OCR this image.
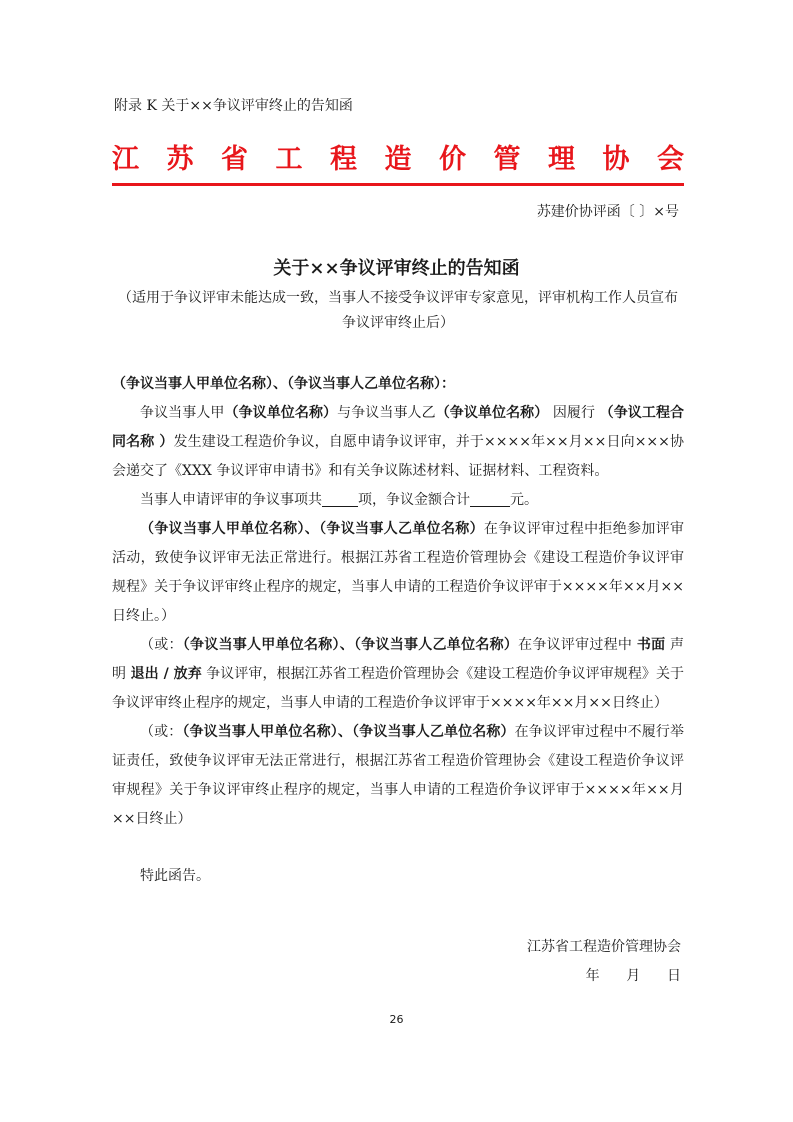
附录 K 关于××争议评审终止的告知函
江 苏 省 工 程 造 价 管 理 协 会
苏建价协评函〔 〕×号
关于××争议评审终止的告知函
（适用于争议评审未能达成一致，当事人不接受争议评审专家意见，评审机构工作人员宣布争议评审终止后）

（争议当事人甲单位名称）、（争议当事人乙单位名称）：

争议当事人甲（争议单位名称）与争议当事人乙（争议单位名称） 因履行 （争议工程合同名称 ）发生建设工程造价争议，自愿申请争议评审，并于××××年××月××日向×××协会递交了《XXX 争议评审申请书》和有关争议陈述材料、证据材料、工程资料。

当事人申请评审的争议事项共	项，争议金额合计	元。

（争议当事人甲单位名称）、（争议当事人乙单位名称）在争议评审过程中拒绝参加评审活动，致使争议评审无法正常进行。根据江苏省工程造价管理协会《建设工程造价争议评审规程》关于争议评审终止程序的规定，当事人申请的工程造价争议评审于××××年××月××日终止。）

（或：（争议当事人甲单位名称）、（争议当事人乙单位名称）在争议评审过程中 书面 声明 退出 / 放弃 争议评审，根据江苏省工程造价管理协会《建设工程造价争议评审规程》关于争议评审终止程序的规定，当事人申请的工程造价争议评审于××××年××月××日终止）

（或：（争议当事人甲单位名称）、（争议当事人乙单位名称）在争议评审过程中不履行举证责任，致使争议评审无法正常进行，根据江苏省工程造价管理协会《建设工程造价争议评审规程》关于争议评审终止程序的规定，当事人申请的工程造价争议评审于××××年××月××日终止）

特此函告。

江苏省工程造价管理协会
年      月      日
26
